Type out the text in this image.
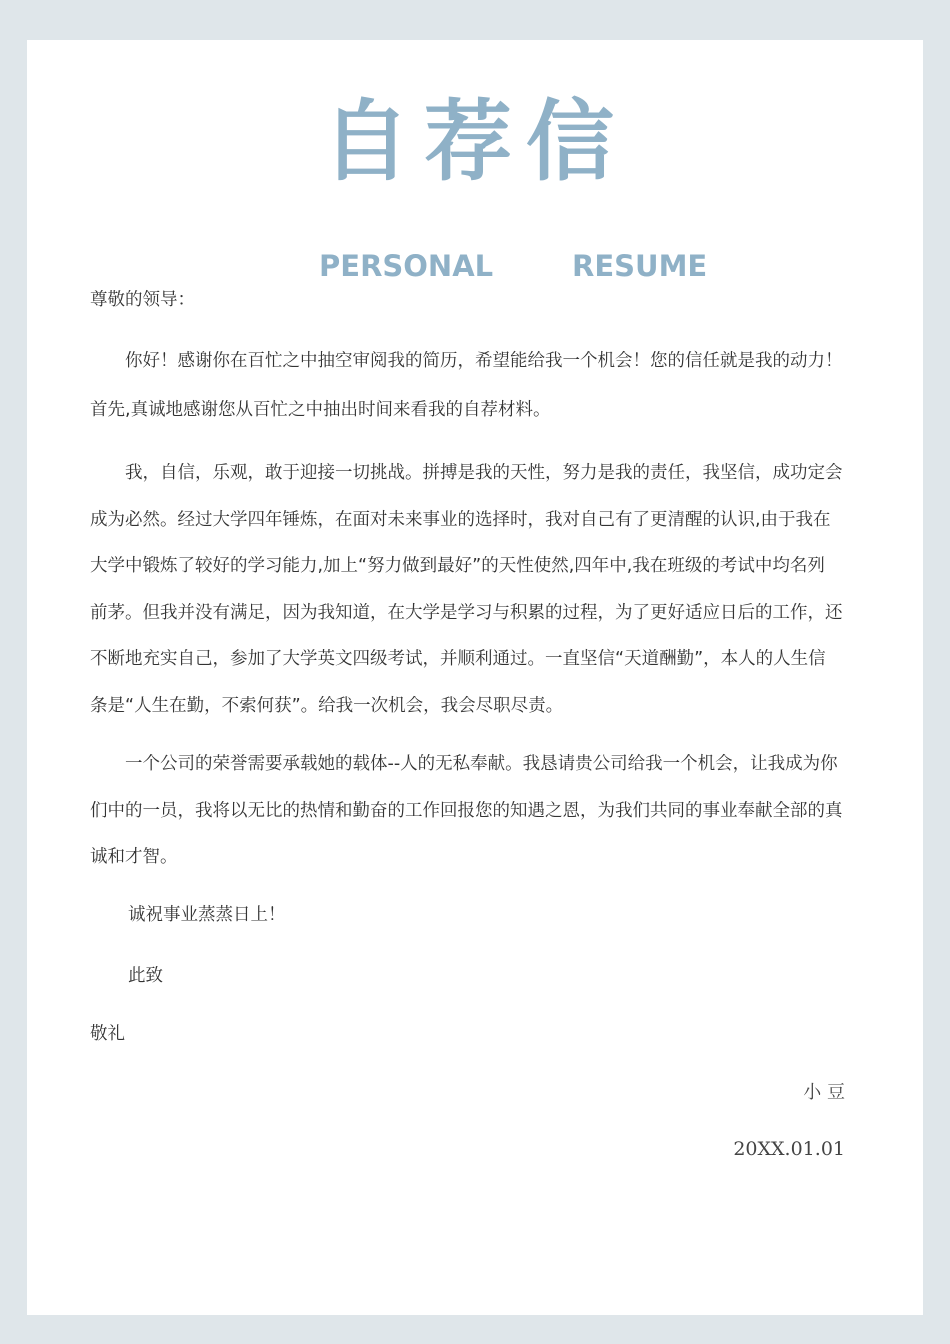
自荐信
PERSONAL	RESUME
尊敬的领导：
你好！感谢你在百忙之中抽空审阅我的简历，希望能给我一个机会！您的信任就是我的动力！
首先,真诚地感谢您从百忙之中抽出时间来看我的自荐材料。
我，自信，乐观，敢于迎接一切挑战。拼搏是我的天性，努力是我的责任，我坚信，成功定会
成为必然。经过大学四年锤炼，在面对未来事业的选择时，我对自己有了更清醒的认识,由于我在
大学中锻炼了较好的学习能力,加上“努力做到最好”的天性使然,四年中,我在班级的考试中均名列
前茅。但我并没有满足，因为我知道，在大学是学习与积累的过程，为了更好适应日后的工作，还
不断地充实自己，参加了大学英文四级考试，并顺利通过。一直坚信“天道酬勤”，本人的人生信
条是“人生在勤，不索何获”。给我一次机会，我会尽职尽责。
一个公司的荣誉需要承载她的载体--人的无私奉献。我恳请贵公司给我一个机会，让我成为你
们中的一员，我将以无比的热情和勤奋的工作回报您的知遇之恩，为我们共同的事业奉献全部的真
诚和才智。
诚祝事业蒸蒸日上！
此致
敬礼
小 豆
20XX.01.01
